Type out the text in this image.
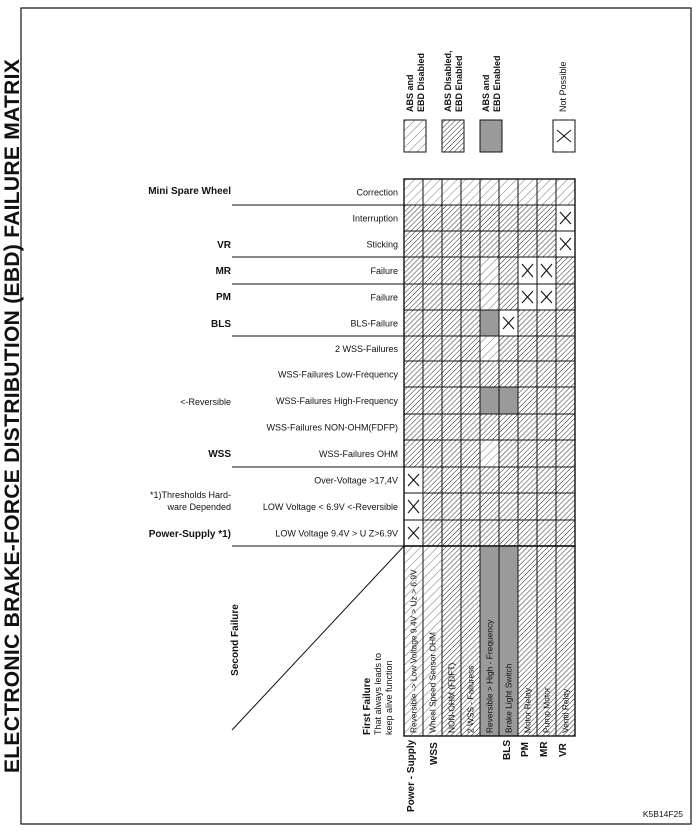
ELECTRONIC BRAKE-FORCE DISTRIBUTION (EBD) FAILURE MATRIX
K5B14F25
ABS and EBD Disabled ABS Disabled, EBD Enabled ABS and EBD Enabled	Not Possible
Mini Spare Wheel
VR
MR
PM
BLS
<-Reversible
WSS
*1)Thresholds Hard-
ware Depended
Power-Supply *1)
Correction
Interruption
Sticking
Failure
Failure
BLS-Failure
2 WSS-Failures
WSS-Failures Low-Frequency
WSS-Failures High-Frequency
WSS-Failures NON-OHM(FDFP)
WSS-Failures OHM
Over-Voltage >17,4V
LOW Voltage < 6.9V <-Reversible
LOW Voltage 9.4V > U Z>6.9V
Reversible -> Low Voltage 9.4V > Uz > 6.9V Wheel Speed Sensor OHM NON-OHM (FDFT) 2 WSS - Failuress Reversible > High - Frequency Brake Light Switch Motor Relay Pump Motor Ventil Relay
Second Failure
First Failure That always leads to keep alive function
Power - Supply WSS	BLS PM MR VR
